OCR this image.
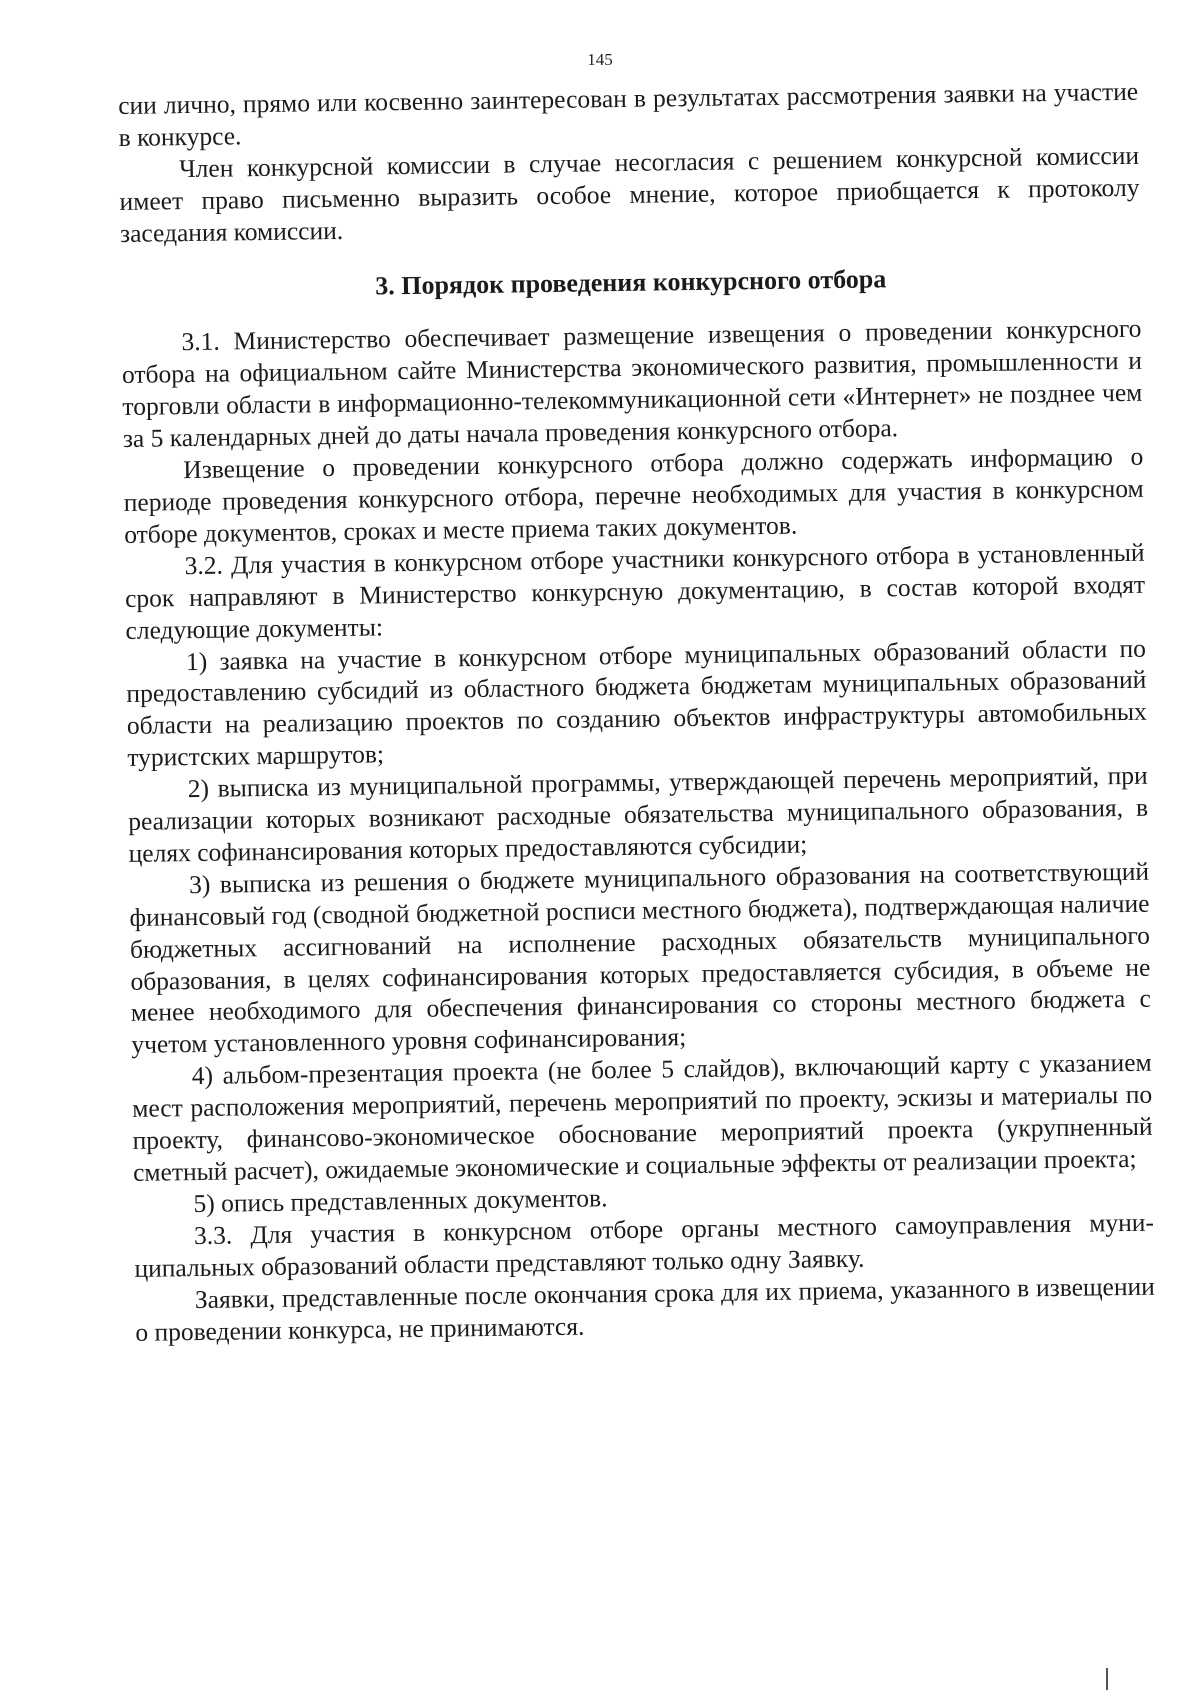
145

сии лично, прямо или косвенно заинтересован в результатах рассмотрения заявки на участие в конкурсе.

Член конкурсной комиссии в случае несогласия с решением конкурсной комиссии имеет право письменно выразить особое мнение, которое приобщается к протоколу заседания комиссии.

3. Порядок проведения конкурсного отбора

3.1. Министерство обеспечивает размещение извещения о проведении конкурсного отбора на официальном сайте Министерства экономического развития, промышленности и торговли области в информационно-телекоммуникационной сети «Интернет» не позднее чем за 5 календарных дней до даты начала проведения конкурсного отбора.

Извещение о проведении конкурсного отбора должно содержать информацию о периоде проведения конкурсного отбора, перечне необходимых для участия в конкурсном отборе документов, сроках и месте приема таких документов.

3.2. Для участия в конкурсном отборе участники конкурсного отбора в установленный срок направляют в Министерство конкурсную документацию, в состав которой входят следующие документы:

1) заявка на участие в конкурсном отборе муниципальных образований области по предоставлению субсидий из областного бюджета бюджетам муниципальных образований области на реализацию проектов по созданию объектов инфраструктуры автомобильных туристских маршрутов;

2) выписка из муниципальной программы, утверждающей перечень мероприятий, при реализации которых возникают расходные обязательства муниципального образования, в целях софинансирования которых предоставляются субсидии;

3) выписка из решения о бюджете муниципального образования на соответствующий финансовый год (сводной бюджетной росписи местного бюджета), подтверждающая наличие бюджетных ассигнований на исполнение расходных обязательств муниципального образования, в целях софинансирования которых предоставляется субсидия, в объеме не менее необходимого для обеспечения финансирования со стороны местного бюджета с учетом установленного уровня софинансирования;

4) альбом-презентация проекта (не более 5 слайдов), включающий карту с указанием мест расположения мероприятий, перечень мероприятий по проекту, эскизы и материалы по проекту, финансово-экономическое обоснование мероприятий проекта (укрупненный сметный расчет), ожидаемые экономические и социальные эффекты от реализации проекта;

5) опись представленных документов.

3.3. Для участия в конкурсном отборе органы местного самоуправления муниципальных образований области представляют только одну Заявку.

Заявки, представленные после окончания срока для их приема, указанного в извещении о проведении конкурса, не принимаются.
